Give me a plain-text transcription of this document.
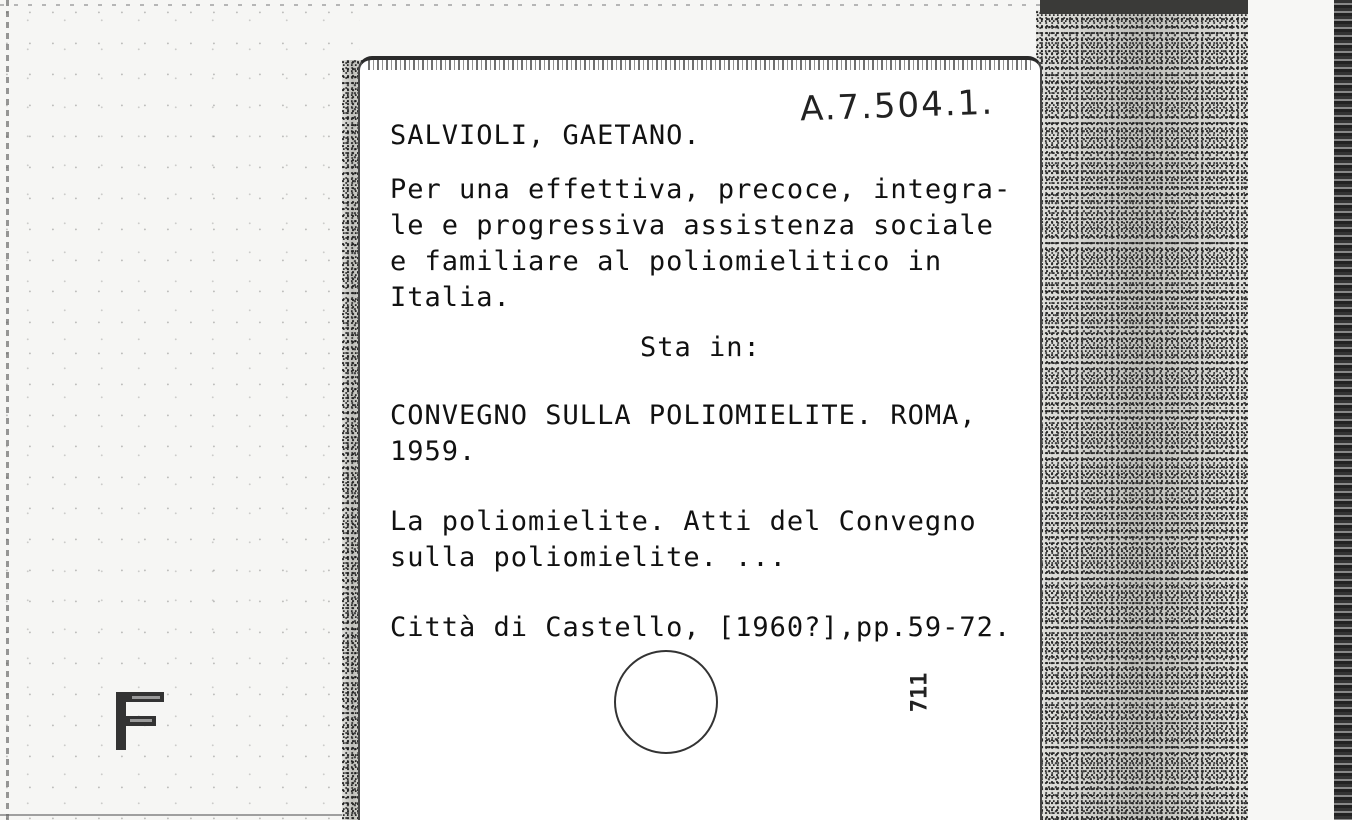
A.7.504.1.
SALVIOLI, GAETANO.
Per una effettiva, precoce, integra-
le e progressiva assistenza sociale
e familiare al poliomielitico in
Italia.
Sta in:
CONVEGNO SULLA POLIOMIELITE. ROMA,
1959.
La poliomielite. Atti del Convegno
sulla poliomielite. ...
Città di Castello, [1960?],pp.59-72.
711
